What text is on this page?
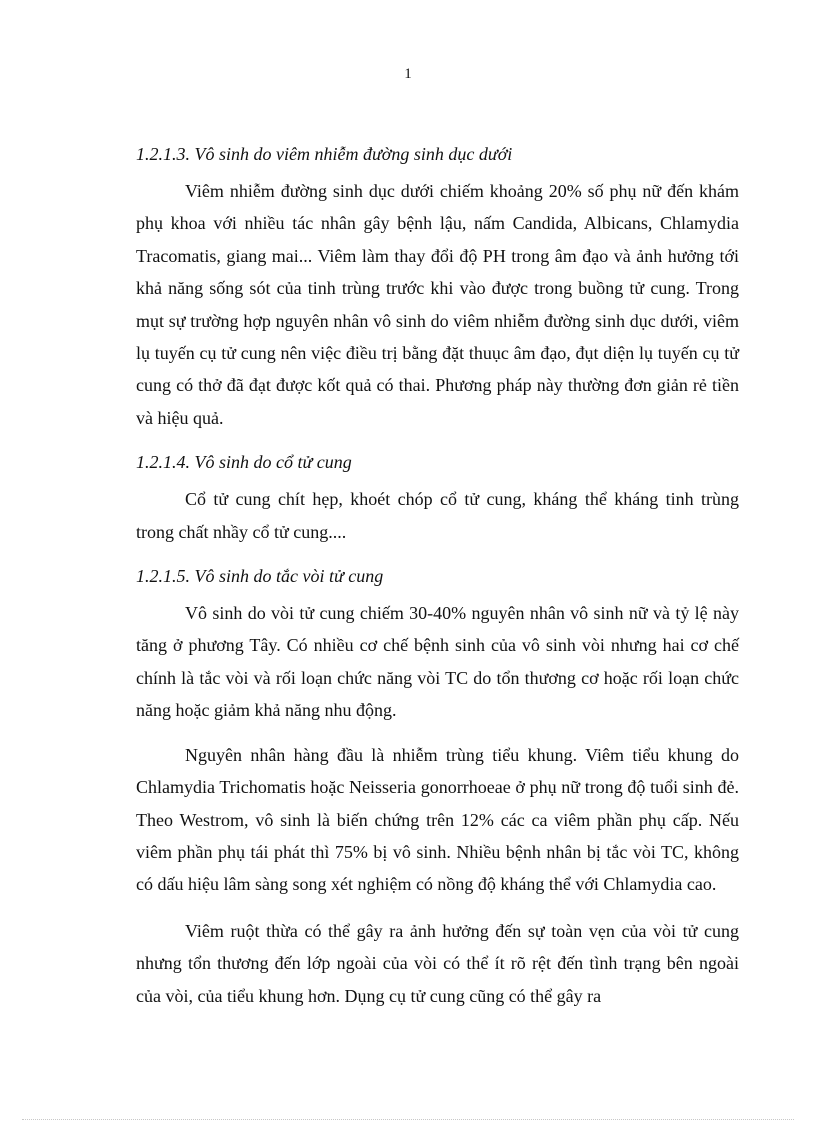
1

1.2.1.3. Vô sinh do viêm nhiễm đường sinh dục dưới

Viêm nhiễm đường sinh dục dưới chiếm khoảng 20% số phụ nữ đến khám phụ khoa với nhiều tác nhân gây bệnh lậu, nấm Candida, Albicans, Chlamydia Tracomatis, giang mai... Viêm làm thay đổi độ PH trong âm đạo và ảnh hưởng tới khả năng sống sót của tinh trùng trước khi vào được trong buồng tử cung. Trong mụt sự trường hợp nguyên nhân vô sinh do viêm nhiễm đường sinh dục dưới, viêm lụ tuyến cụ tử cung nên việc điều trị bằng đặt thuục âm đạo, đụt diện lụ tuyến cụ tử cung có thở đã đạt được kốt quả có thai. Phương pháp này thường đơn giản rẻ tiền và hiệu quả.

1.2.1.4. Vô sinh do cổ tử cung

Cổ tử cung chít hẹp, khoét chóp cổ tử cung, kháng thể kháng tinh trùng trong chất nhầy cổ tử cung....

1.2.1.5. Vô sinh do tắc vòi tử cung

Vô sinh do vòi tử cung chiếm 30-40% nguyên nhân vô sinh nữ và tỷ lệ này tăng ở phương Tây. Có nhiều cơ chế bệnh sinh của vô sinh vòi nhưng hai cơ chế chính là tắc vòi và rối loạn chức năng vòi TC do tổn thương cơ hoặc rối loạn chức năng hoặc giảm khả năng nhu động.

Nguyên nhân hàng đầu là nhiễm trùng tiểu khung. Viêm tiểu khung do Chlamydia Trichomatis hoặc Neisseria gonorrhoeae ở phụ nữ trong độ tuổi sinh đẻ. Theo Westrom, vô sinh là biến chứng trên 12% các ca viêm phần phụ cấp. Nếu viêm phần phụ tái phát thì 75% bị vô sinh. Nhiều bệnh nhân bị tắc vòi TC, không có dấu hiệu lâm sàng song xét nghiệm có nồng độ kháng thể với Chlamydia cao.

Viêm ruột thừa có thể gây ra ảnh hưởng đến sự toàn vẹn của vòi tử cung nhưng tổn thương đến lớp ngoài của vòi có thể ít rõ rệt đến tình trạng bên ngoài của vòi, của tiểu khung hơn. Dụng cụ tử cung cũng có thể gây ra
